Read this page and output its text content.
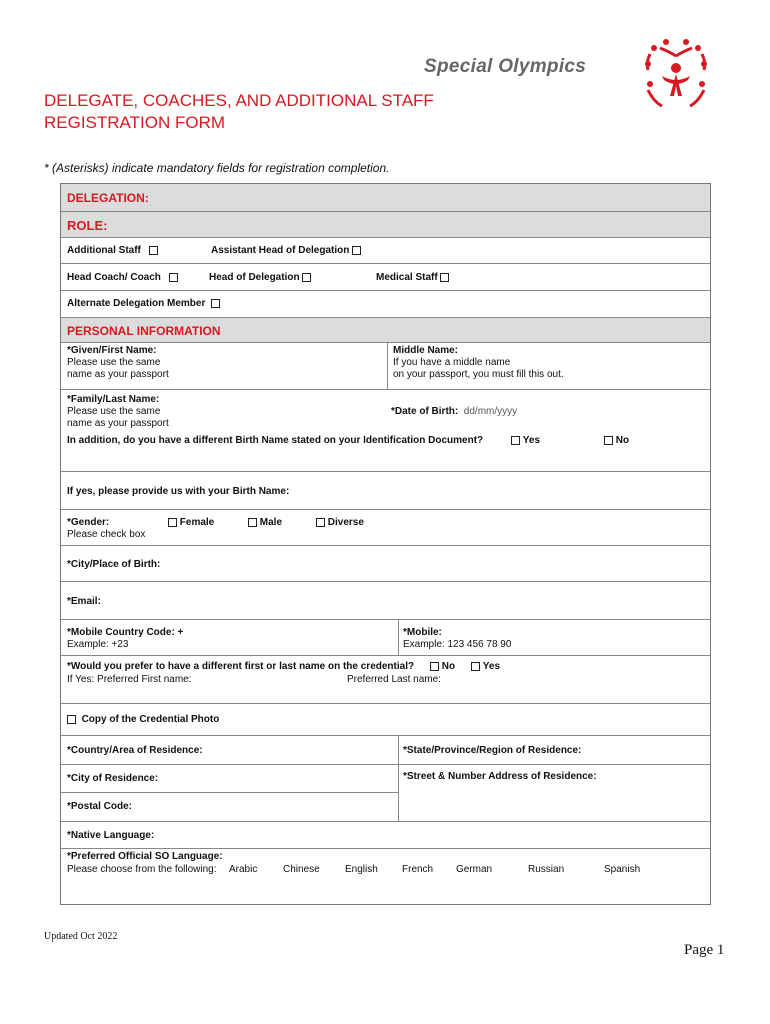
Special Olympics
DELEGATE, COACHES, AND ADDITIONAL STAFF
REGISTRATION FORM
* (Asterisks) indicate mandatory fields for registration completion.
DELEGATION:
ROLE:
Additional Staff	Assistant Head of Delegation
Head Coach/ Coach	Head of Delegation	Medical Staff
Alternate Delegation Member
PERSONAL INFORMATION
*Given/First Name:
Please use the same
name as your passport
Middle Name:
If you have a middle name
on your passport, you must fill this out.
*Family/Last Name:
Please use the same
name as your passport
*Date of Birth: dd/mm/yyyy
In addition, do you have a different Birth Name stated on your Identification Document?	Yes	No
If yes, please provide us with your Birth Name:
*Gender:
Please check box
Female	Male	Diverse
*City/Place of Birth:
*Email:
*Mobile Country Code: +
Example: +23
*Mobile:
Example: 123 456 78 90
*Would you prefer to have a different first or last name on the credential?	No	Yes
If Yes: Preferred First name:	Preferred Last name:
Copy of the Credential Photo
*Country/Area of Residence:	*State/Province/Region of Residence:
*City of Residence:	*Street & Number Address of Residence:
*Postal Code:
*Native Language:
*Preferred Official SO Language:
Please choose from the following: Arabic	Chinese	English French German	Russian	Spanish
Updated Oct 2022
Page 1
